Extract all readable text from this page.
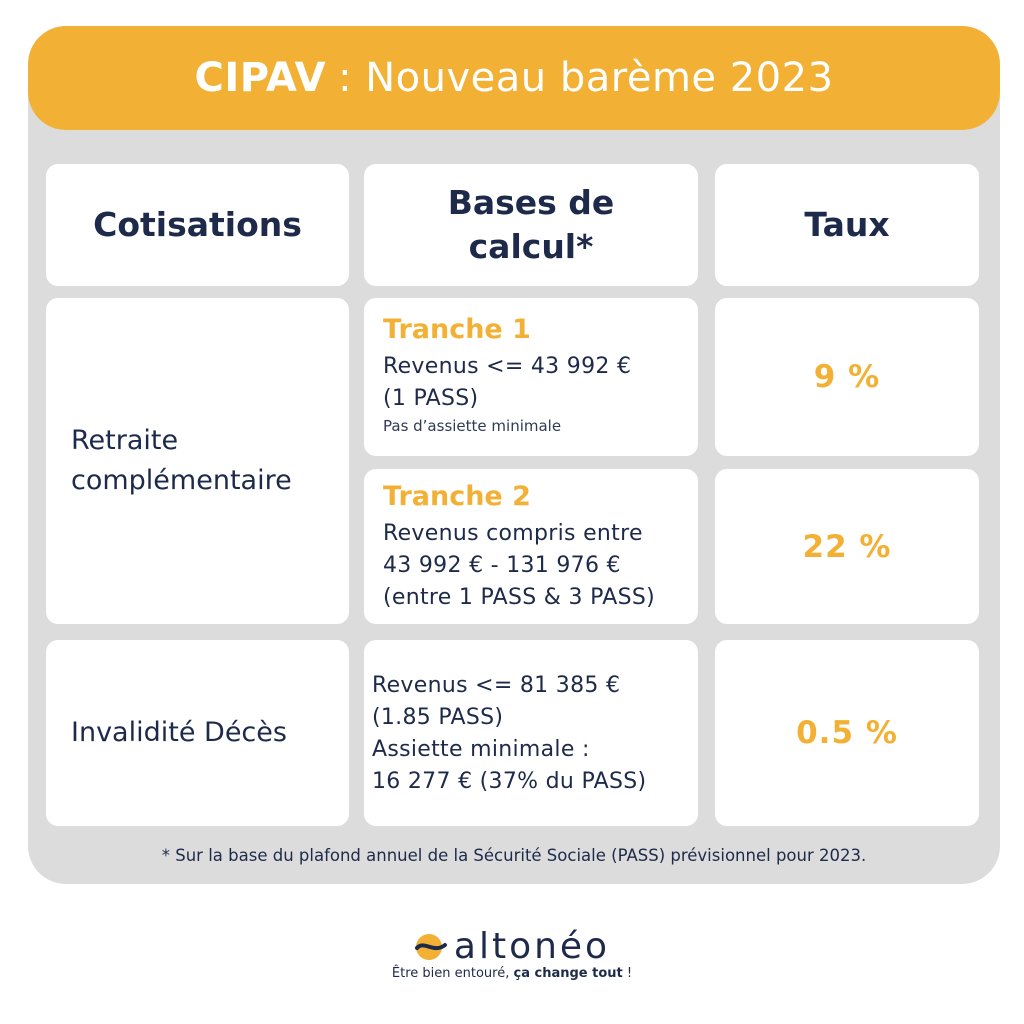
CIPAV : Nouveau barème 2023
Cotisations
Bases de calcul*
Taux
Retraite complémentaire
Tranche 1
Revenus <= 43 992 €
(1 PASS)
Pas d’assiette minimale
9 %
Tranche 2
Revenus compris entre
43 992 € - 131 976 €
(entre 1 PASS & 3 PASS)
22 %
Invalidité Décès
Revenus <= 81 385 €
(1.85 PASS)
Assiette minimale :
16 277 € (37% du PASS)
0.5 %
* Sur la base du plafond annuel de la Sécurité Sociale (PASS) prévisionnel pour 2023.
altonéo
Être bien entouré, ça change tout !
